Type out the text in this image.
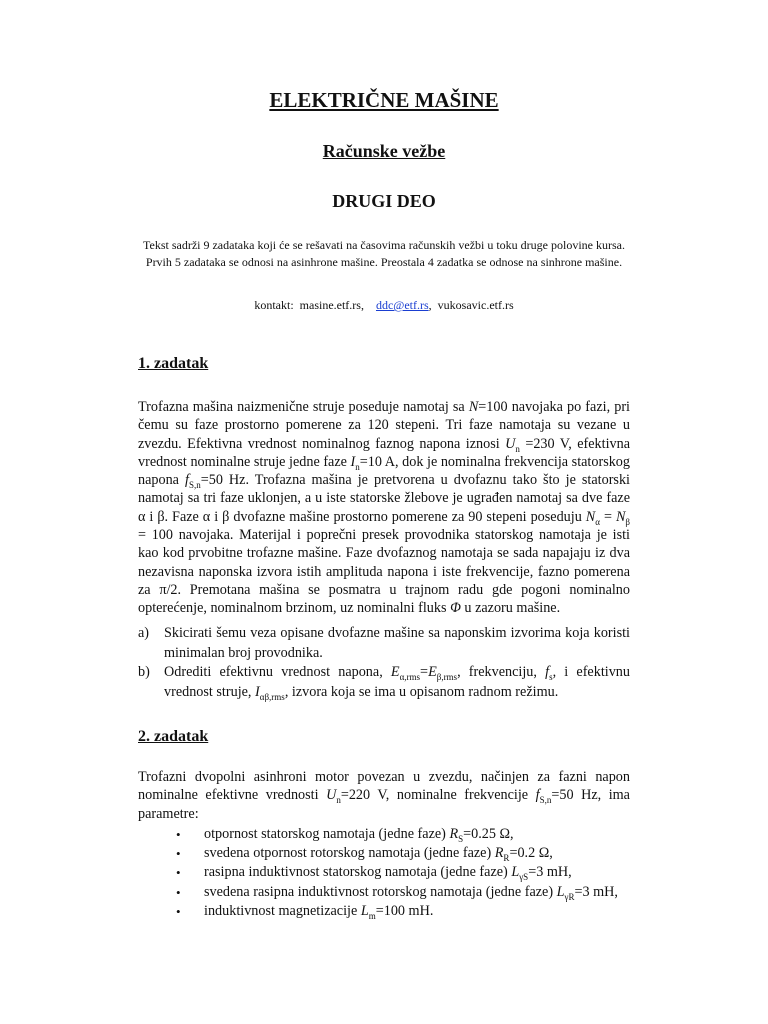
ELEKTRIČNE MAŠINE
Računske vežbe
DRUGI DEO
Tekst sadrži 9 zadataka koji će se rešavati na časovima računskih vežbi u toku druge polovine kursa.
Prvih 5 zadataka se odnosi na asinhrone mašine. Preostala 4 zadatka se odnose na sinhrone mašine.
kontakt:  masine.etf.rs,    ddc@etf.rs,  vukosavic.etf.rs
1. zadatak
Trofazna mašina naizmenične struje poseduje namotaj sa N=100 navojaka po fazi, pri čemu su faze prostorno pomerene za 120 stepeni. Tri faze namotaja su vezane u zvezdu. Efektivna vrednost nominalnog faznog napona iznosi $U_n =230$ V, efektivna vrednost nominalne struje jedne faze $I_n=10$ A, dok je nominalna frekvencija statorskog napona $f_{S,n}=50$ Hz. Trofazna mašina je pretvorena u dvofaznu tako što je statorski namotaj sa tri faze uklonjen, a u iste statorske žlebove je ugrađen namotaj sa dve faze α i β. Faze α i β dvofazne mašine prostorno pomerene za 90 stepeni poseduju $N_\alpha = N_\beta = 100$ navojaka. Materijal i poprečni presek provodnika statorskog namotaja je isti kao kod prvobitne trofazne mašine. Faze dvofaznog namotaja se sada napajaju iz dva nezavisna naponska izvora istih amplituda napona i iste frekvencije, fazno pomerena za π/2. Premotana mašina se posmatra u trajnom radu gde pogoni nominalno opterećenje, nominalnom brzinom, uz nominalni fluks Φ u zazoru mašine.
a)	Skicirati šemu veza opisane dvofazne mašine sa naponskim izvorima koja koristi minimalan broj provodnika.
b) Odrediti efektivnu vrednost napona, $E_{\alpha,rms}=E_{\beta,rms}$, frekvenciju, $f_s$, i efektivnu vrednost struje, $I_{\alpha\beta,rms}$, izvora koja se ima u opisanom radnom režimu.
2. zadatak
Trofazni dvopolni asinhroni motor povezan u zvezdu, načinjen za fazni napon nominalne efektivne vrednosti $U_n=220$ V, nominalne frekvencije $f_{S,n}=50$ Hz, ima parametre:
•	otpornost statorskog namotaja (jedne faze) $R_S=0.25$ Ω,
•	svedena otpornost rotorskog namotaja (jedne faze) $R_R=0.2$ Ω,
•	rasipna induktivnost statorskog namotaja (jedne faze) $L_{\gamma S}=3$ mH,
•	svedena rasipna induktivnost rotorskog namotaja (jedne faze) $L_{\gamma R}=3$ mH,
•	induktivnost magnetizacije $L_m=100$ mH.
